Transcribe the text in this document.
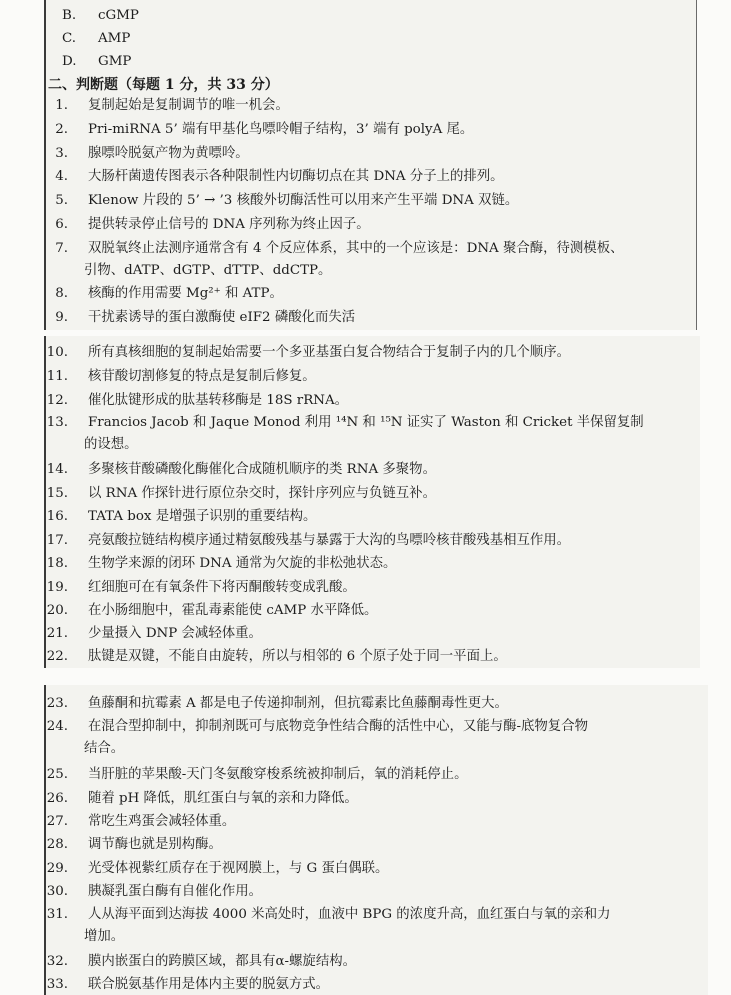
B. cGMP
C. AMP
D. GMP
二、判断题（每题 1 分，共 33 分）
1. 复制起始是复制调节的唯一机会。
2. Pri-miRNA 5’ 端有甲基化鸟嘌呤帽子结构，3’ 端有 polyA 尾。
3. 腺嘌呤脱氨产物为黄嘌呤。
4. 大肠杆菌遗传图表示各种限制性内切酶切点在其 DNA 分子上的排列。
5. Klenow 片段的 5’ → ’3 核酸外切酶活性可以用来产生平端 DNA 双链。
6. 提供转录停止信号的 DNA 序列称为终止因子。
7. 双脱氧终止法测序通常含有 4 个反应体系，其中的一个应该是：DNA 聚合酶，待测模板、
引物、dATP、dGTP、dTTP、ddCTP。
8. 核酶的作用需要 Mg²⁺ 和 ATP。
9. 干扰素诱导的蛋白激酶使 eIF2 磷酸化而失活
10. 所有真核细胞的复制起始需要一个多亚基蛋白复合物结合于复制子内的几个顺序。
11. 核苷酸切割修复的特点是复制后修复。
12. 催化肽键形成的肽基转移酶是 18S rRNA。
13. Francios Jacob 和 Jaque Monod 利用 ¹⁴N 和 ¹⁵N 证实了 Waston 和 Cricket 半保留复制
的设想。
14. 多聚核苷酸磷酸化酶催化合成随机顺序的类 RNA 多聚物。
15. 以 RNA 作探针进行原位杂交时，探针序列应与负链互补。
16. TATA box 是增强子识别的重要结构。
17. 亮氨酸拉链结构模序通过精氨酸残基与暴露于大沟的鸟嘌呤核苷酸残基相互作用。
18. 生物学来源的闭环 DNA 通常为欠旋的非松弛状态。
19. 红细胞可在有氧条件下将丙酮酸转变成乳酸。
20. 在小肠细胞中，霍乱毒素能使 cAMP 水平降低。
21. 少量摄入 DNP 会减轻体重。
22. 肽键是双键，不能自由旋转，所以与相邻的 6 个原子处于同一平面上。
23. 鱼藤酮和抗霉素 A 都是电子传递抑制剂，但抗霉素比鱼藤酮毒性更大。
24. 在混合型抑制中，抑制剂既可与底物竞争性结合酶的活性中心，又能与酶-底物复合物
结合。
25. 当肝脏的苹果酸-天门冬氨酸穿梭系统被抑制后，氧的消耗停止。
26. 随着 pH 降低，肌红蛋白与氧的亲和力降低。
27. 常吃生鸡蛋会减轻体重。
28. 调节酶也就是别构酶。
29. 光受体视紫红质存在于视网膜上，与 G 蛋白偶联。
30. 胰凝乳蛋白酶有自催化作用。
31. 人从海平面到达海拔 4000 米高处时，血液中 BPG 的浓度升高，血红蛋白与氧的亲和力
增加。
32. 膜内嵌蛋白的跨膜区域，都具有α-螺旋结构。
33. 联合脱氨基作用是体内主要的脱氨方式。
